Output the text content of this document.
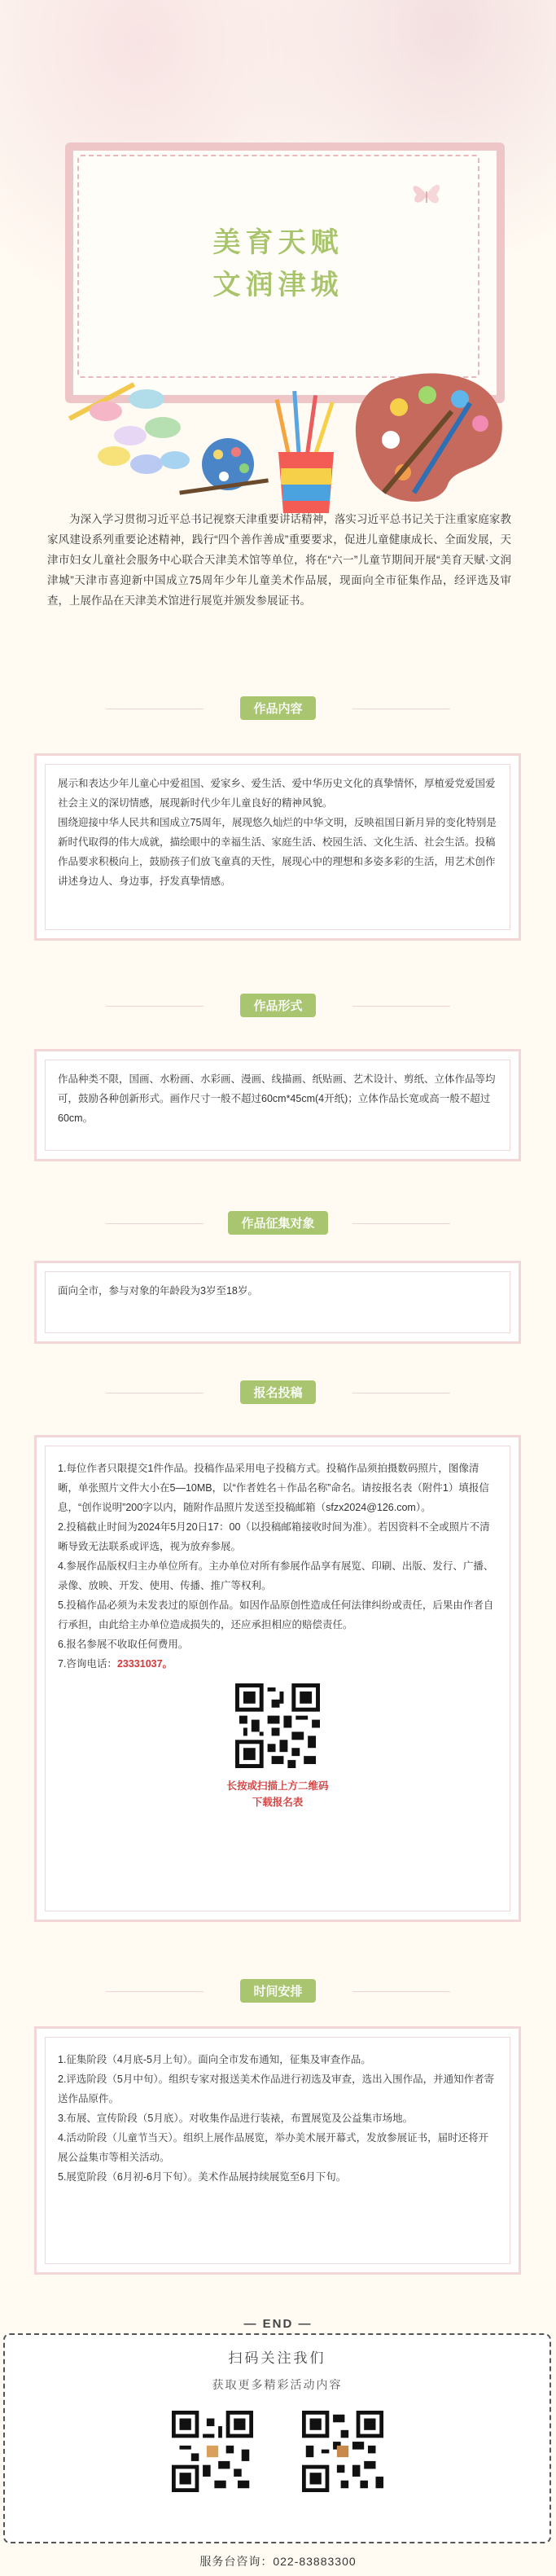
美育天赋
文润津城
为深入学习贯彻习近平总书记视察天津重要讲话精神，落实习近平总书记关于注重家庭家教家风建设系列重要论述精神，践行“四个善作善成”重要要求，促进儿童健康成长、全面发展，天津市妇女儿童社会服务中心联合天津美术馆等单位，将在“六一”儿童节期间开展“美育天赋·文润津城”天津市喜迎新中国成立75周年少年儿童美术作品展，现面向全市征集作品，经评选及审查，上展作品在天津美术馆进行展览并颁发参展证书。
作品内容

展示和表达少年儿童心中爱祖国、爱家乡、爱生活、爱中华历史文化的真挚情怀，厚植爱党爱国爱社会主义的深切情感，展现新时代少年儿童良好的精神风貌。

围绕迎接中华人民共和国成立75周年，展现悠久灿烂的中华文明，反映祖国日新月异的变化特别是新时代取得的伟大成就，描绘眼中的幸福生活、家庭生活、校园生活、文化生活、社会生活。投稿作品要求积极向上，鼓励孩子们放飞童真的天性，展现心中的理想和多姿多彩的生活，用艺术创作讲述身边人、身边事，抒发真挚情感。

作品形式

作品种类不限，国画、水粉画、水彩画、漫画、线描画、纸贴画、艺术设计、剪纸、立体作品等均可，鼓励各种创新形式。画作尺寸一般不超过60cm*45cm(4开纸)；立体作品长宽或高一般不超过60cm。

作品征集对象

面向全市，参与对象的年龄段为3岁至18岁。

报名投稿

1.每位作者只限提交1件作品。投稿作品采用电子投稿方式。投稿作品须拍摄数码照片，图像清晰，单张照片文件大小在5—10MB，以“作者姓名＋作品名称”命名。请按报名表（附件1）填报信息，“创作说明”200字以内，随附作品照片发送至投稿邮箱（sfzx2024@126.com）。

2.投稿截止时间为2024年5月20日17：00（以投稿邮箱接收时间为准）。若因资料不全或照片不清晰导致无法联系或评选，视为放弃参展。

4.参展作品版权归主办单位所有。主办单位对所有参展作品享有展览、印刷、出版、发行、广播、录像、放映、开发、使用、传播、推广等权利。

5.投稿作品必须为未发表过的原创作品。如因作品原创性造成任何法律纠纷或责任，后果由作者自行承担，由此给主办单位造成损失的，还应承担相应的赔偿责任。

6.报名参展不收取任何费用。

7.咨询电话：23331037。

长按或扫描上方二维码
下载报名表
时间安排

1.征集阶段（4月底-5月上旬）。面向全市发布通知，征集及审查作品。

2.评选阶段（5月中旬）。组织专家对报送美术作品进行初选及审查，选出入围作品，并通知作者寄送作品原件。

3.布展、宣传阶段（5月底）。对收集作品进行装裱，布置展览及公益集市场地。

4.活动阶段（儿童节当天）。组织上展作品展览，举办美术展开幕式，发放参展证书，届时还将开展公益集市等相关活动。

5.展览阶段（6月初-6月下旬）。美术作品展持续展览至6月下旬。

— END —
扫码关注我们
获取更多精彩活动内容
服务台咨询：022-83883300
